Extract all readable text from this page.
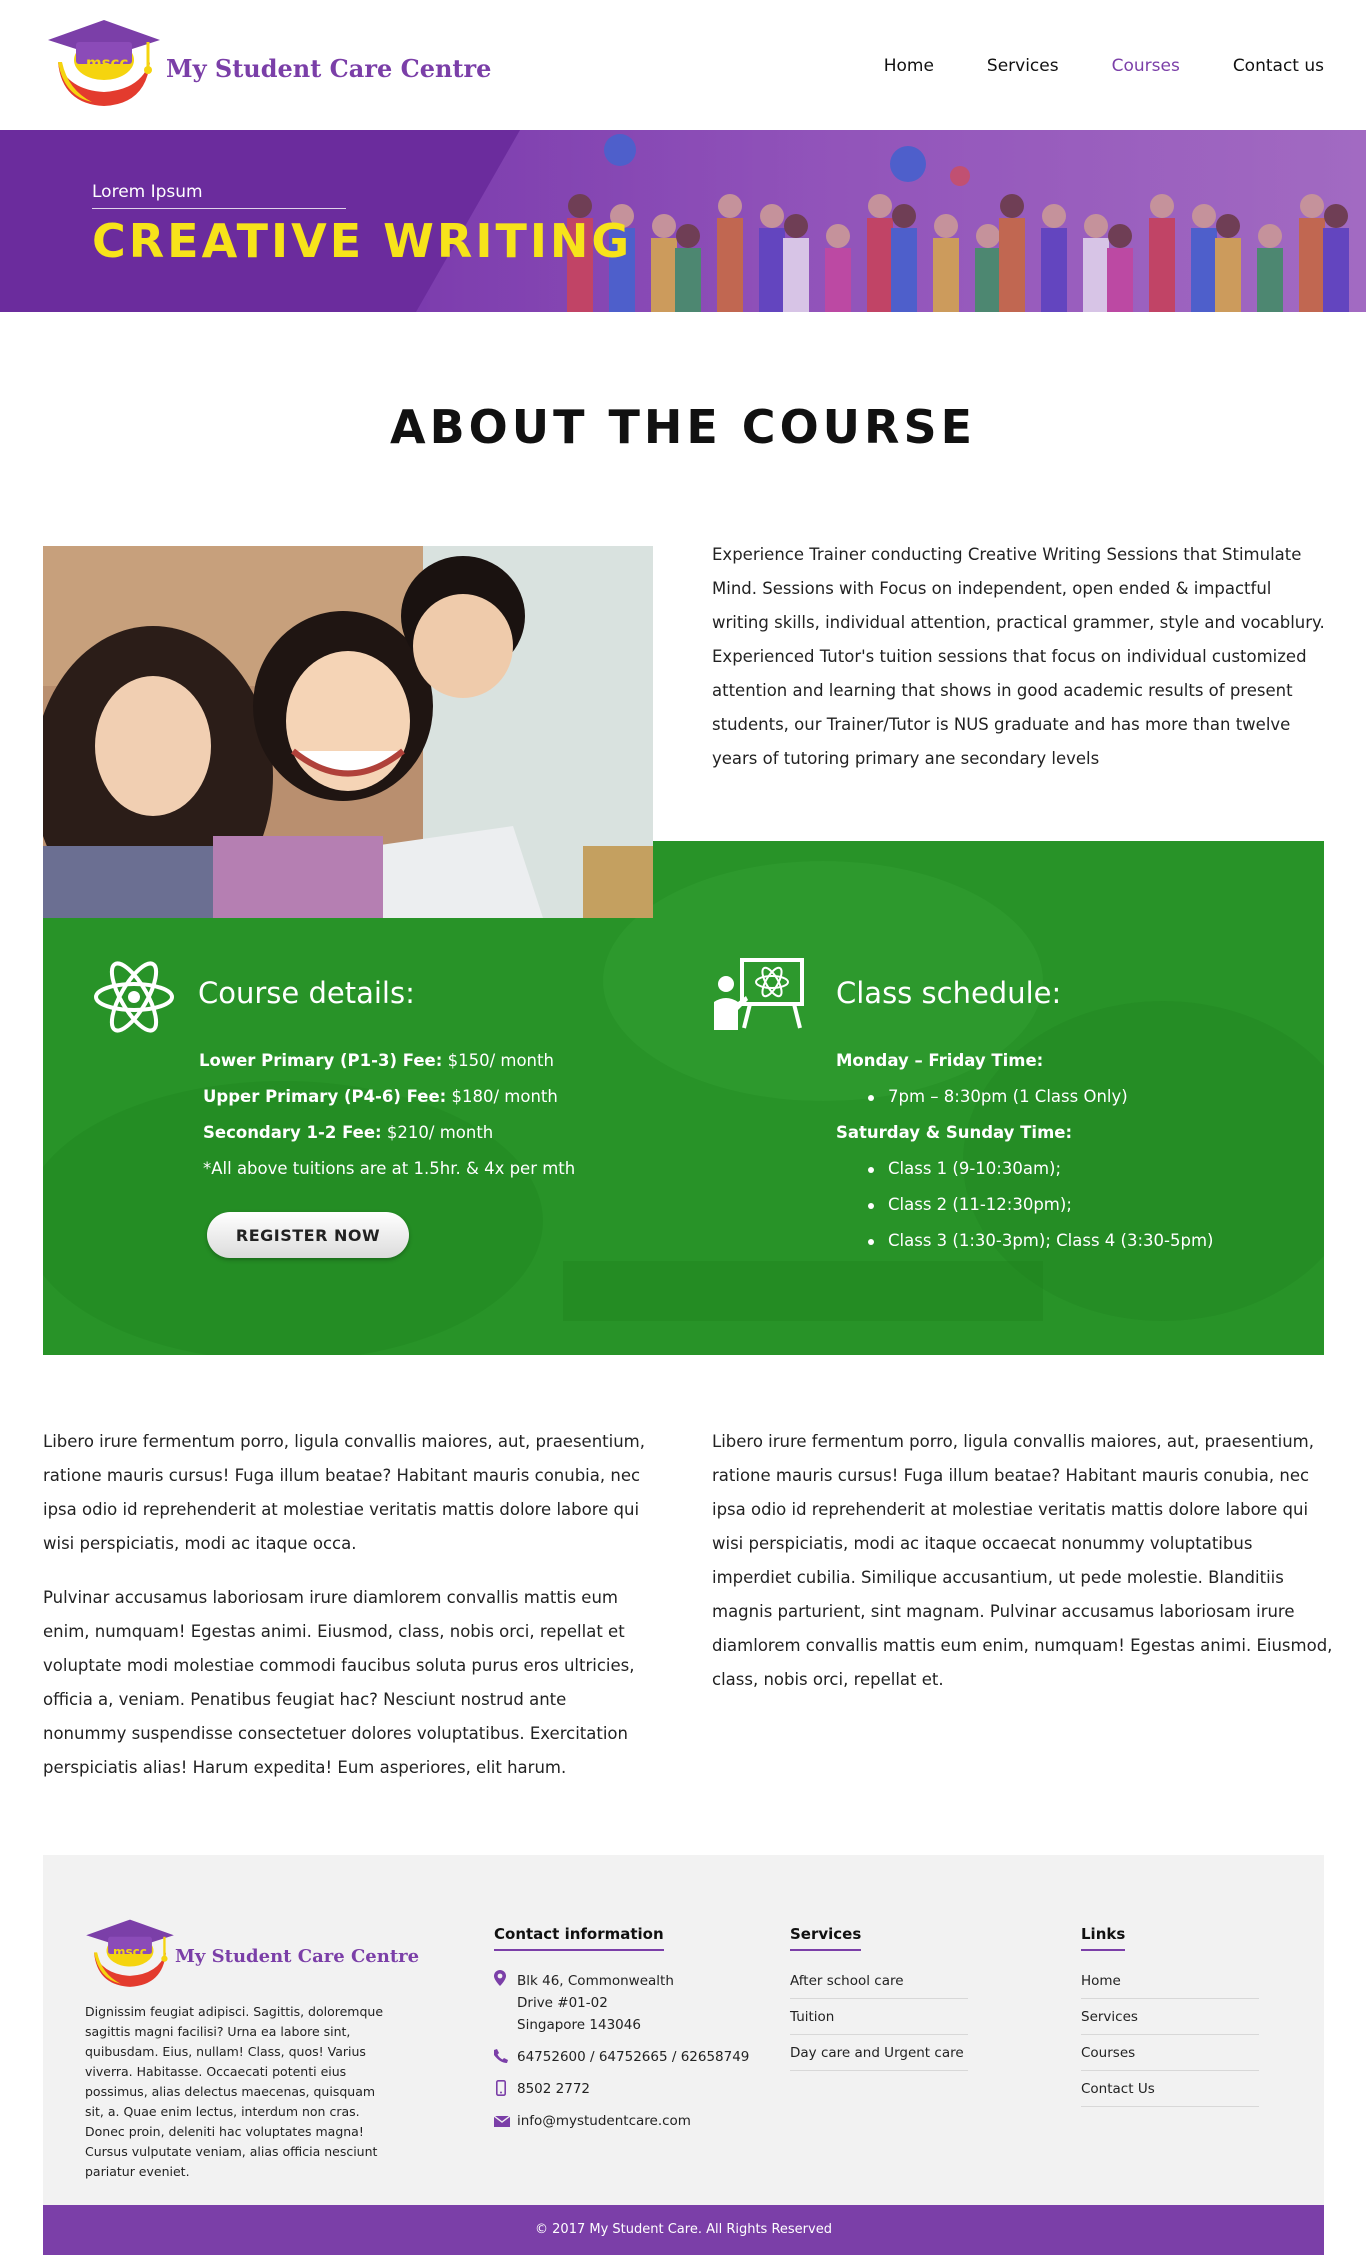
mscc My Student Care Centre	Home	Services	Courses	Contact us
Lorem Ipsum
CREATIVE WRITING
ABOUT THE COURSE

Experience Trainer conducting Creative Writing Sessions that Stimulate Mind. Sessions with Focus on independent, open ended & impactful writing skills, individual attention, practical grammer, style and vocablury. Experienced Tutor's tuition sessions that focus on individual customized attention and learning that shows in good academic results of present students, our Trainer/Tutor is NUS graduate and has more than twelve years of tutoring primary ane secondary levels

Course details:
Lower Primary (P1-3) Fee: $150/ month
Upper Primary (P4-6) Fee: $180/ month
Secondary 1-2 Fee: $210/ month
*All above tuitions are at 1.5hr. & 4x per mth
REGISTER NOW
Class schedule:
Monday – Friday Time:
7pm – 8:30pm (1 Class Only)
Saturday & Sunday Time:
Class 1 (9-10:30am);
Class 2 (11-12:30pm);
Class 3 (1:30-3pm); Class 4 (3:30-5pm)

Libero irure fermentum porro, ligula convallis maiores, aut, praesentium, ratione mauris cursus! Fuga illum beatae? Habitant mauris conubia, nec ipsa odio id reprehenderit at molestiae veritatis mattis dolore labore qui wisi perspiciatis, modi ac itaque occa.

Pulvinar accusamus laboriosam irure diamlorem convallis mattis eum enim, numquam! Egestas animi. Eiusmod, class, nobis orci, repellat et voluptate modi molestiae commodi faucibus soluta purus eros ultricies, officia a, veniam. Penatibus feugiat hac? Nesciunt nostrud ante nonummy suspendisse consectetuer dolores voluptatibus. Exercitation perspiciatis alias! Harum expedita! Eum asperiores, elit harum.

Libero irure fermentum porro, ligula convallis maiores, aut, praesentium, ratione mauris cursus! Fuga illum beatae? Habitant mauris conubia, nec ipsa odio id reprehenderit at molestiae veritatis mattis dolore labore qui wisi perspiciatis, modi ac itaque occaecat nonummy voluptatibus imperdiet cubilia. Similique accusantium, ut pede molestie. Blanditiis magnis parturient, sint magnam. Pulvinar accusamus laboriosam irure diamlorem convallis mattis eum enim, numquam! Egestas animi. Eiusmod, class, nobis orci, repellat et.

mscc My Student Care Centre

Dignissim feugiat adipisci. Sagittis, doloremque sagittis magni facilisi? Urna ea labore sint, quibusdam. Eius, nullam! Class, quos! Varius viverra. Habitasse. Occaecati potenti eius possimus, alias delectus maecenas, quisquam sit, a. Quae enim lectus, interdum non cras. Donec proin, deleniti hac voluptates magna! Cursus vulputate veniam, alias officia nesciunt pariatur eveniet.

Contact information
Blk 46, Commonwealth
Drive #01-02
Singapore 143046
64752600 / 64752665 / 62658749
8502 2772
info@mystudentcare.com
Services
After school care
Tuition
Day care and Urgent care
Links
Home
Services
Courses
Contact Us
© 2017 My Student Care. All Rights Reserved
